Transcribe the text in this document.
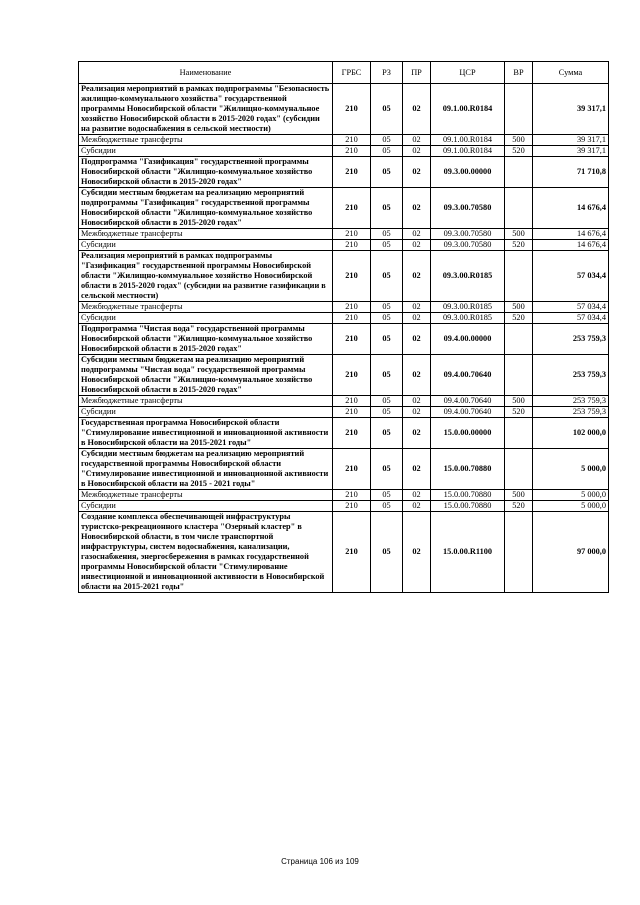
Наименование	ГРБС	РЗ	ПР	ЦСР	ВР	Сумма
Реализация мероприятий в рамках подпрограммы "Безопасность жилищно-коммунального хозяйства" государственной программы Новосибирской области "Жилищно-коммунальное хозяйство Новосибирской области в 2015-2020 годах" (субсидии на развитие водоснабжения в сельской местности)	210	05	02	09.1.00.R0184		39 317,1
Межбюджетные трансферты	210	05	02	09.1.00.R0184	500	39 317,1
Субсидии	210	05	02	09.1.00.R0184	520	39 317,1
Подпрограмма "Газификация" государственной программы Новосибирской области "Жилищно-коммунальное хозяйство Новосибирской области в 2015-2020 годах"	210	05	02	09.3.00.00000		71 710,8
Субсидии местным бюджетам на реализацию мероприятий подпрограммы "Газификация" государственной программы Новосибирской области "Жилищно-коммунальное хозяйство Новосибирской области в 2015-2020 годах"	210	05	02	09.3.00.70580		14 676,4
Межбюджетные трансферты	210	05	02	09.3.00.70580	500	14 676,4
Субсидии	210	05	02	09.3.00.70580	520	14 676,4
Реализация мероприятий в рамках подпрограммы "Газификация" государственной программы Новосибирской области "Жилищно-коммунальное хозяйство Новосибирской области в 2015-2020 годах" (субсидии на развитие газификации в сельской местности)	210	05	02	09.3.00.R0185		57 034,4
Межбюджетные трансферты	210	05	02	09.3.00.R0185	500	57 034,4
Субсидии	210	05	02	09.3.00.R0185	520	57 034,4
Подпрограмма "Чистая вода" государственной программы Новосибирской области "Жилищно-коммунальное хозяйство Новосибирской области в 2015-2020 годах"	210	05	02	09.4.00.00000		253 759,3
Субсидии местным бюджетам на реализацию мероприятий подпрограммы "Чистая вода" государственной программы Новосибирской области "Жилищно-коммунальное хозяйство Новосибирской области в 2015-2020 годах"	210	05	02	09.4.00.70640		253 759,3
Межбюджетные трансферты	210	05	02	09.4.00.70640	500	253 759,3
Субсидии	210	05	02	09.4.00.70640	520	253 759,3
Государственная программа Новосибирской области "Стимулирование инвестиционной и инновационной активности в Новосибирской области на 2015-2021 годы"	210	05	02	15.0.00.00000		102 000,0
Субсидии местным бюджетам на реализацию мероприятий государственной программы Новосибирской области "Стимулирование инвестиционной и инновационной активности в Новосибирской области на 2015 - 2021 годы"	210	05	02	15.0.00.70880		5 000,0
Межбюджетные трансферты	210	05	02	15.0.00.70880	500	5 000,0
Субсидии	210	05	02	15.0.00.70880	520	5 000,0
Создание комплекса обеспечивающей инфраструктуры туристско-рекреационного кластера "Озерный кластер" в Новосибирской области, в том числе транспортной инфраструктуры, систем водоснабжения, канализации, газоснабжения, энергосбережения в рамках государственной программы Новосибирской области "Стимулирование инвестиционной и инновационной активности в Новосибирской области на 2015-2021 годы"	210	05	02	15.0.00.R1100		97 000,0
Страница 106 из 109
